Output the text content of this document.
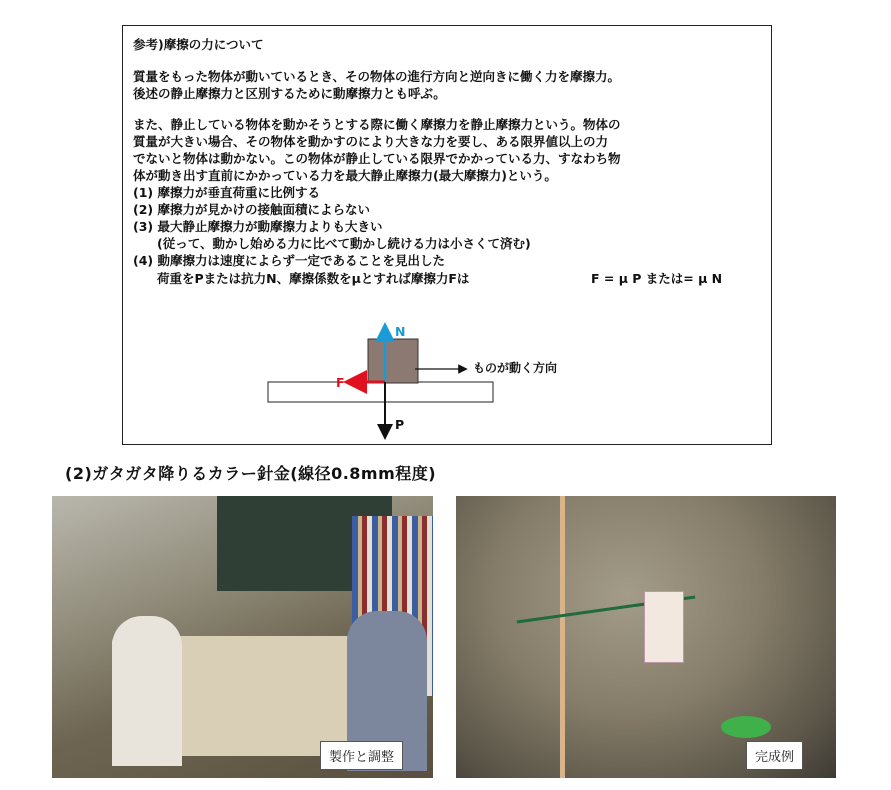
参考)摩擦の力について
質量をもった物体が動いているとき、その物体の進行方向と逆向きに働く力を摩擦力。
後述の静止摩擦力と区別するために動摩擦力とも呼ぶ。
また、静止している物体を動かそうとする際に働く摩擦力を静止摩擦力という。物体の
質量が大きい場合、その物体を動かすのにより大きな力を要し、ある限界値以上の力
でないと物体は動かない。この物体が静止している限界でかかっている力、すなわち物
体が動き出す直前にかかっている力を最大静止摩擦力(最大摩擦力)という。
(1) 摩擦力が垂直荷重に比例する
(2) 摩擦力が見かけの接触面積によらない
(3) 最大静止摩擦力が動摩擦力よりも大きい
(従って、動かし始める力に比べて動かし続ける力は小さくて済む)
(4) 動摩擦力は速度によらず一定であることを見出した
荷重をPまたは抗力N、摩擦係数をμとすれば摩擦力Fは	F = μ P または= μ N
N
F
P
ものが動く方向
(2)ガタガタ降りるカラー針金(線径0.8mm程度)
製作と調整	完成例
